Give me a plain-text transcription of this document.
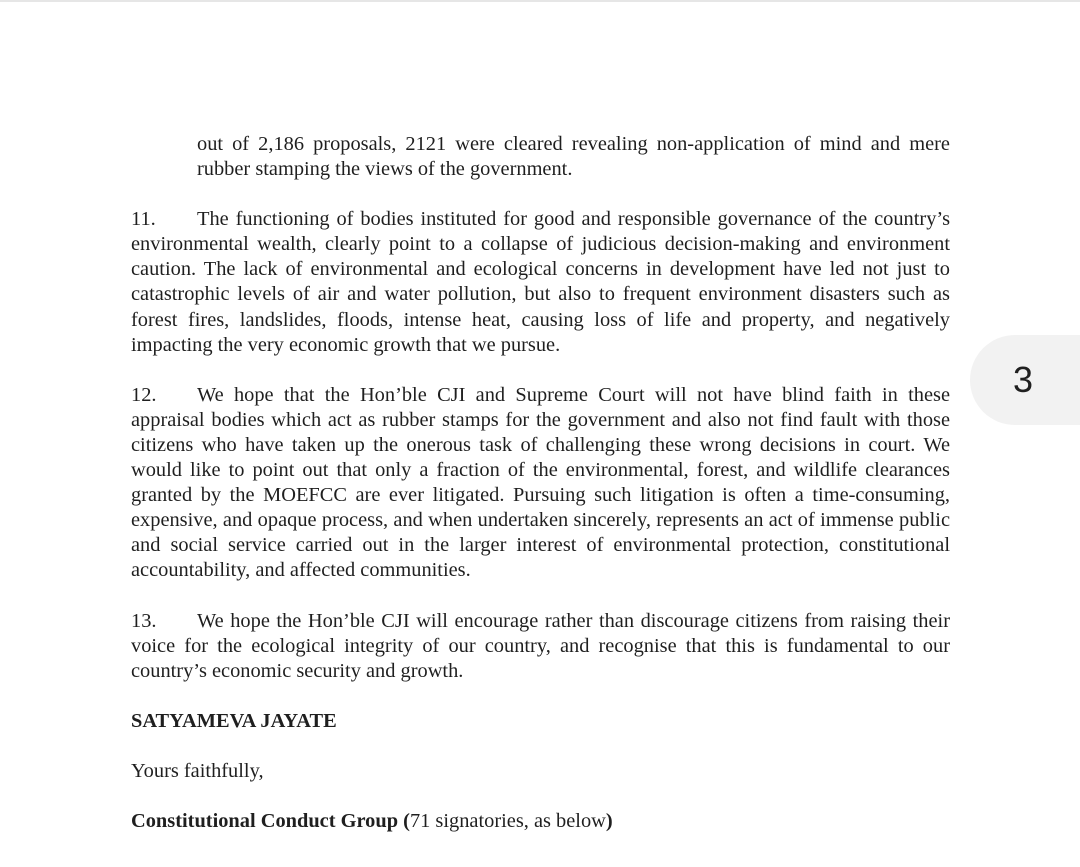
out of 2,186 proposals, 2121 were cleared revealing non-application of mind and mere rubber stamping the views of the government.

11. The functioning of bodies instituted for good and responsible governance of the country’s environmental wealth, clearly point to a collapse of judicious decision-making and environment caution. The lack of environmental and ecological concerns in development have led not just to catastrophic levels of air and water pollution, but also to frequent environment disasters such as forest fires, landslides, floods, intense heat, causing loss of life and property, and negatively impacting the very economic growth that we pursue.

12. We hope that the Hon’ble CJI and Supreme Court will not have blind faith in these appraisal bodies which act as rubber stamps for the government and also not find fault with those citizens who have taken up the onerous task of challenging these wrong decisions in court. We would like to point out that only a fraction of the environmental, forest, and wildlife clearances granted by the MOEFCC are ever litigated. Pursuing such litigation is often a time-consuming, expensive, and opaque process, and when undertaken sincerely, represents an act of immense public and social service carried out in the larger interest of environmental protection, constitutional accountability, and affected communities.

13. We hope the Hon’ble CJI will encourage rather than discourage citizens from raising their voice for the ecological integrity of our country, and recognise that this is fundamental to our country’s economic security and growth.

SATYAMEVA JAYATE

Yours faithfully,

Constitutional Conduct Group (71 signatories, as below)

3
